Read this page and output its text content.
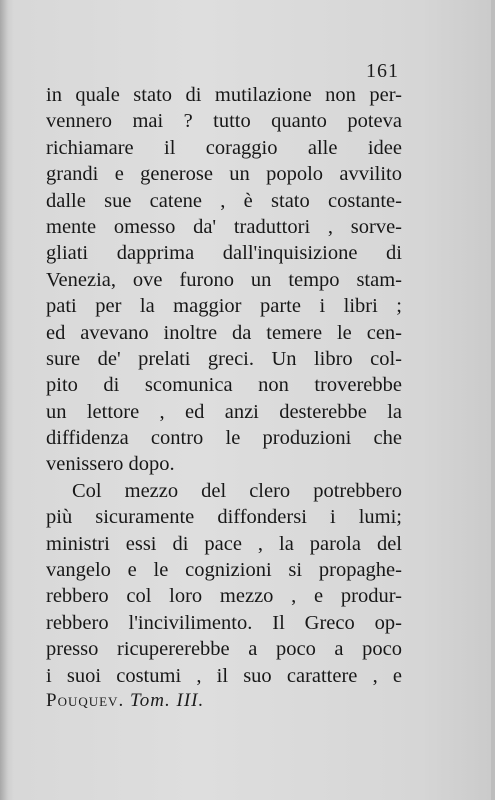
161
in quale stato di mutilazione non per-
vennero mai ? tutto quanto poteva
richiamare il coraggio alle idee
grandi e generose un popolo avvilito
dalle sue catene , è stato costante-
mente omesso da' traduttori , sorve-
gliati dapprima dall'inquisizione di
Venezia, ove furono un tempo stam-
pati per la maggior parte i libri ;
ed avevano inoltre da temere le cen-
sure de' prelati greci. Un libro col-
pito di scomunica non troverebbe
un lettore , ed anzi desterebbe la
diffidenza contro le produzioni che
venissero dopo.
Col mezzo del clero potrebbero
più sicuramente diffondersi i lumi;
ministri essi di pace , la parola del
vangelo e le cognizioni si propaghe-
rebbero col loro mezzo , e produr-
rebbero l'incivilimento. Il Greco op-
presso ricupererebbe a poco a poco
i suoi costumi , il suo carattere , e
Pouquev. Tom. III.
